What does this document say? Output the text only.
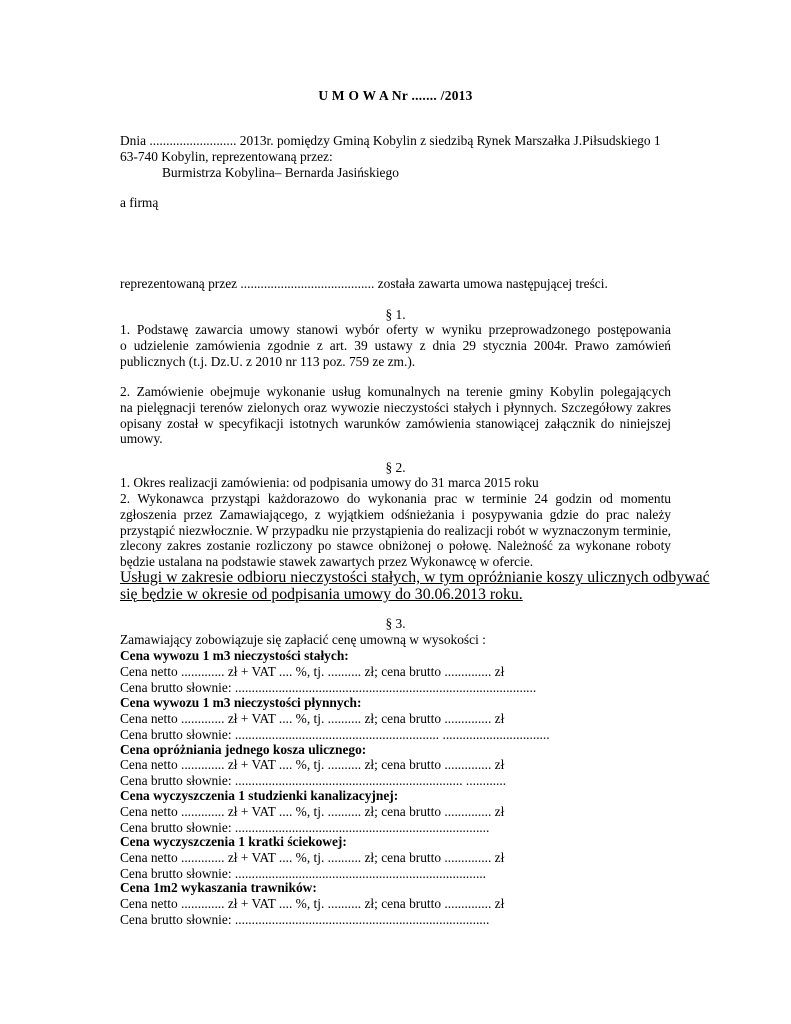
U M O W A Nr ....... /2013
Dnia .......................... 2013r. pomiędzy Gminą Kobylin z siedzibą Rynek Marszałka J.Piłsudskiego 1
63-740 Kobylin, reprezentowaną przez:
Burmistrza Kobylina– Bernarda Jasińskiego
a firmą
reprezentowaną przez ........................................ została zawarta umowa następującej treści.
§ 1.
1. Podstawę zawarcia umowy stanowi wybór oferty w wyniku przeprowadzonego postępowania
o udzielenie zamówienia zgodnie z art. 39 ustawy z dnia 29 stycznia 2004r. Prawo zamówień
publicznych (t.j. Dz.U. z 2010 nr 113 poz. 759 ze zm.).
2. Zamówienie obejmuje wykonanie usług komunalnych na terenie gminy Kobylin polegających
na pielęgnacji terenów zielonych oraz wywozie nieczystości stałych i płynnych. Szczegółowy zakres
opisany został w specyfikacji istotnych warunków zamówienia stanowiącej załącznik do niniejszej
umowy.
§ 2.
1. Okres realizacji zamówienia: od podpisania umowy do 31 marca 2015 roku
2. Wykonawca przystąpi każdorazowo do wykonania prac w terminie 24 godzin od momentu
zgłoszenia przez Zamawiającego, z wyjątkiem odśnieżania i posypywania gdzie do prac należy
przystąpić niezwłocznie. W przypadku nie przystąpienia do realizacji robót w wyznaczonym terminie,
zlecony zakres zostanie rozliczony po stawce obniżonej o połowę. Należność za wykonane roboty
będzie ustalana na podstawie stawek zawartych przez Wykonawcę w ofercie.
Usługi w zakresie odbioru nieczystości stałych, w tym opróżnianie koszy ulicznych odbywać
się będzie w okresie od podpisania umowy do 30.06.2013 roku.
§ 3.
Zamawiający zobowiązuje się zapłacić cenę umowną w wysokości :
Cena wywozu 1 m3 nieczystości stałych:
Cena netto ............. zł + VAT .... %, tj. .......... zł; cena brutto .............. zł
Cena brutto słownie: ..........................................................................................
Cena wywozu 1 m3 nieczystości płynnych:
Cena netto ............. zł + VAT .... %, tj. .......... zł; cena brutto .............. zł
Cena brutto słownie: ............................................................. ................................
Cena opróżniania jednego kosza ulicznego:
Cena netto ............. zł + VAT .... %, tj. .......... zł; cena brutto .............. zł
Cena brutto słownie: .................................................................... ............
Cena wyczyszczenia 1 studzienki kanalizacyjnej:
Cena netto ............. zł + VAT .... %, tj. .......... zł; cena brutto .............. zł
Cena brutto słownie: ............................................................................
Cena wyczyszczenia 1 kratki ściekowej:
Cena netto ............. zł + VAT .... %, tj. .......... zł; cena brutto .............. zł
Cena brutto słownie: ...........................................................................
Cena 1m2 wykaszania trawników:
Cena netto ............. zł + VAT .... %, tj. .......... zł; cena brutto .............. zł
Cena brutto słownie: ............................................................................
